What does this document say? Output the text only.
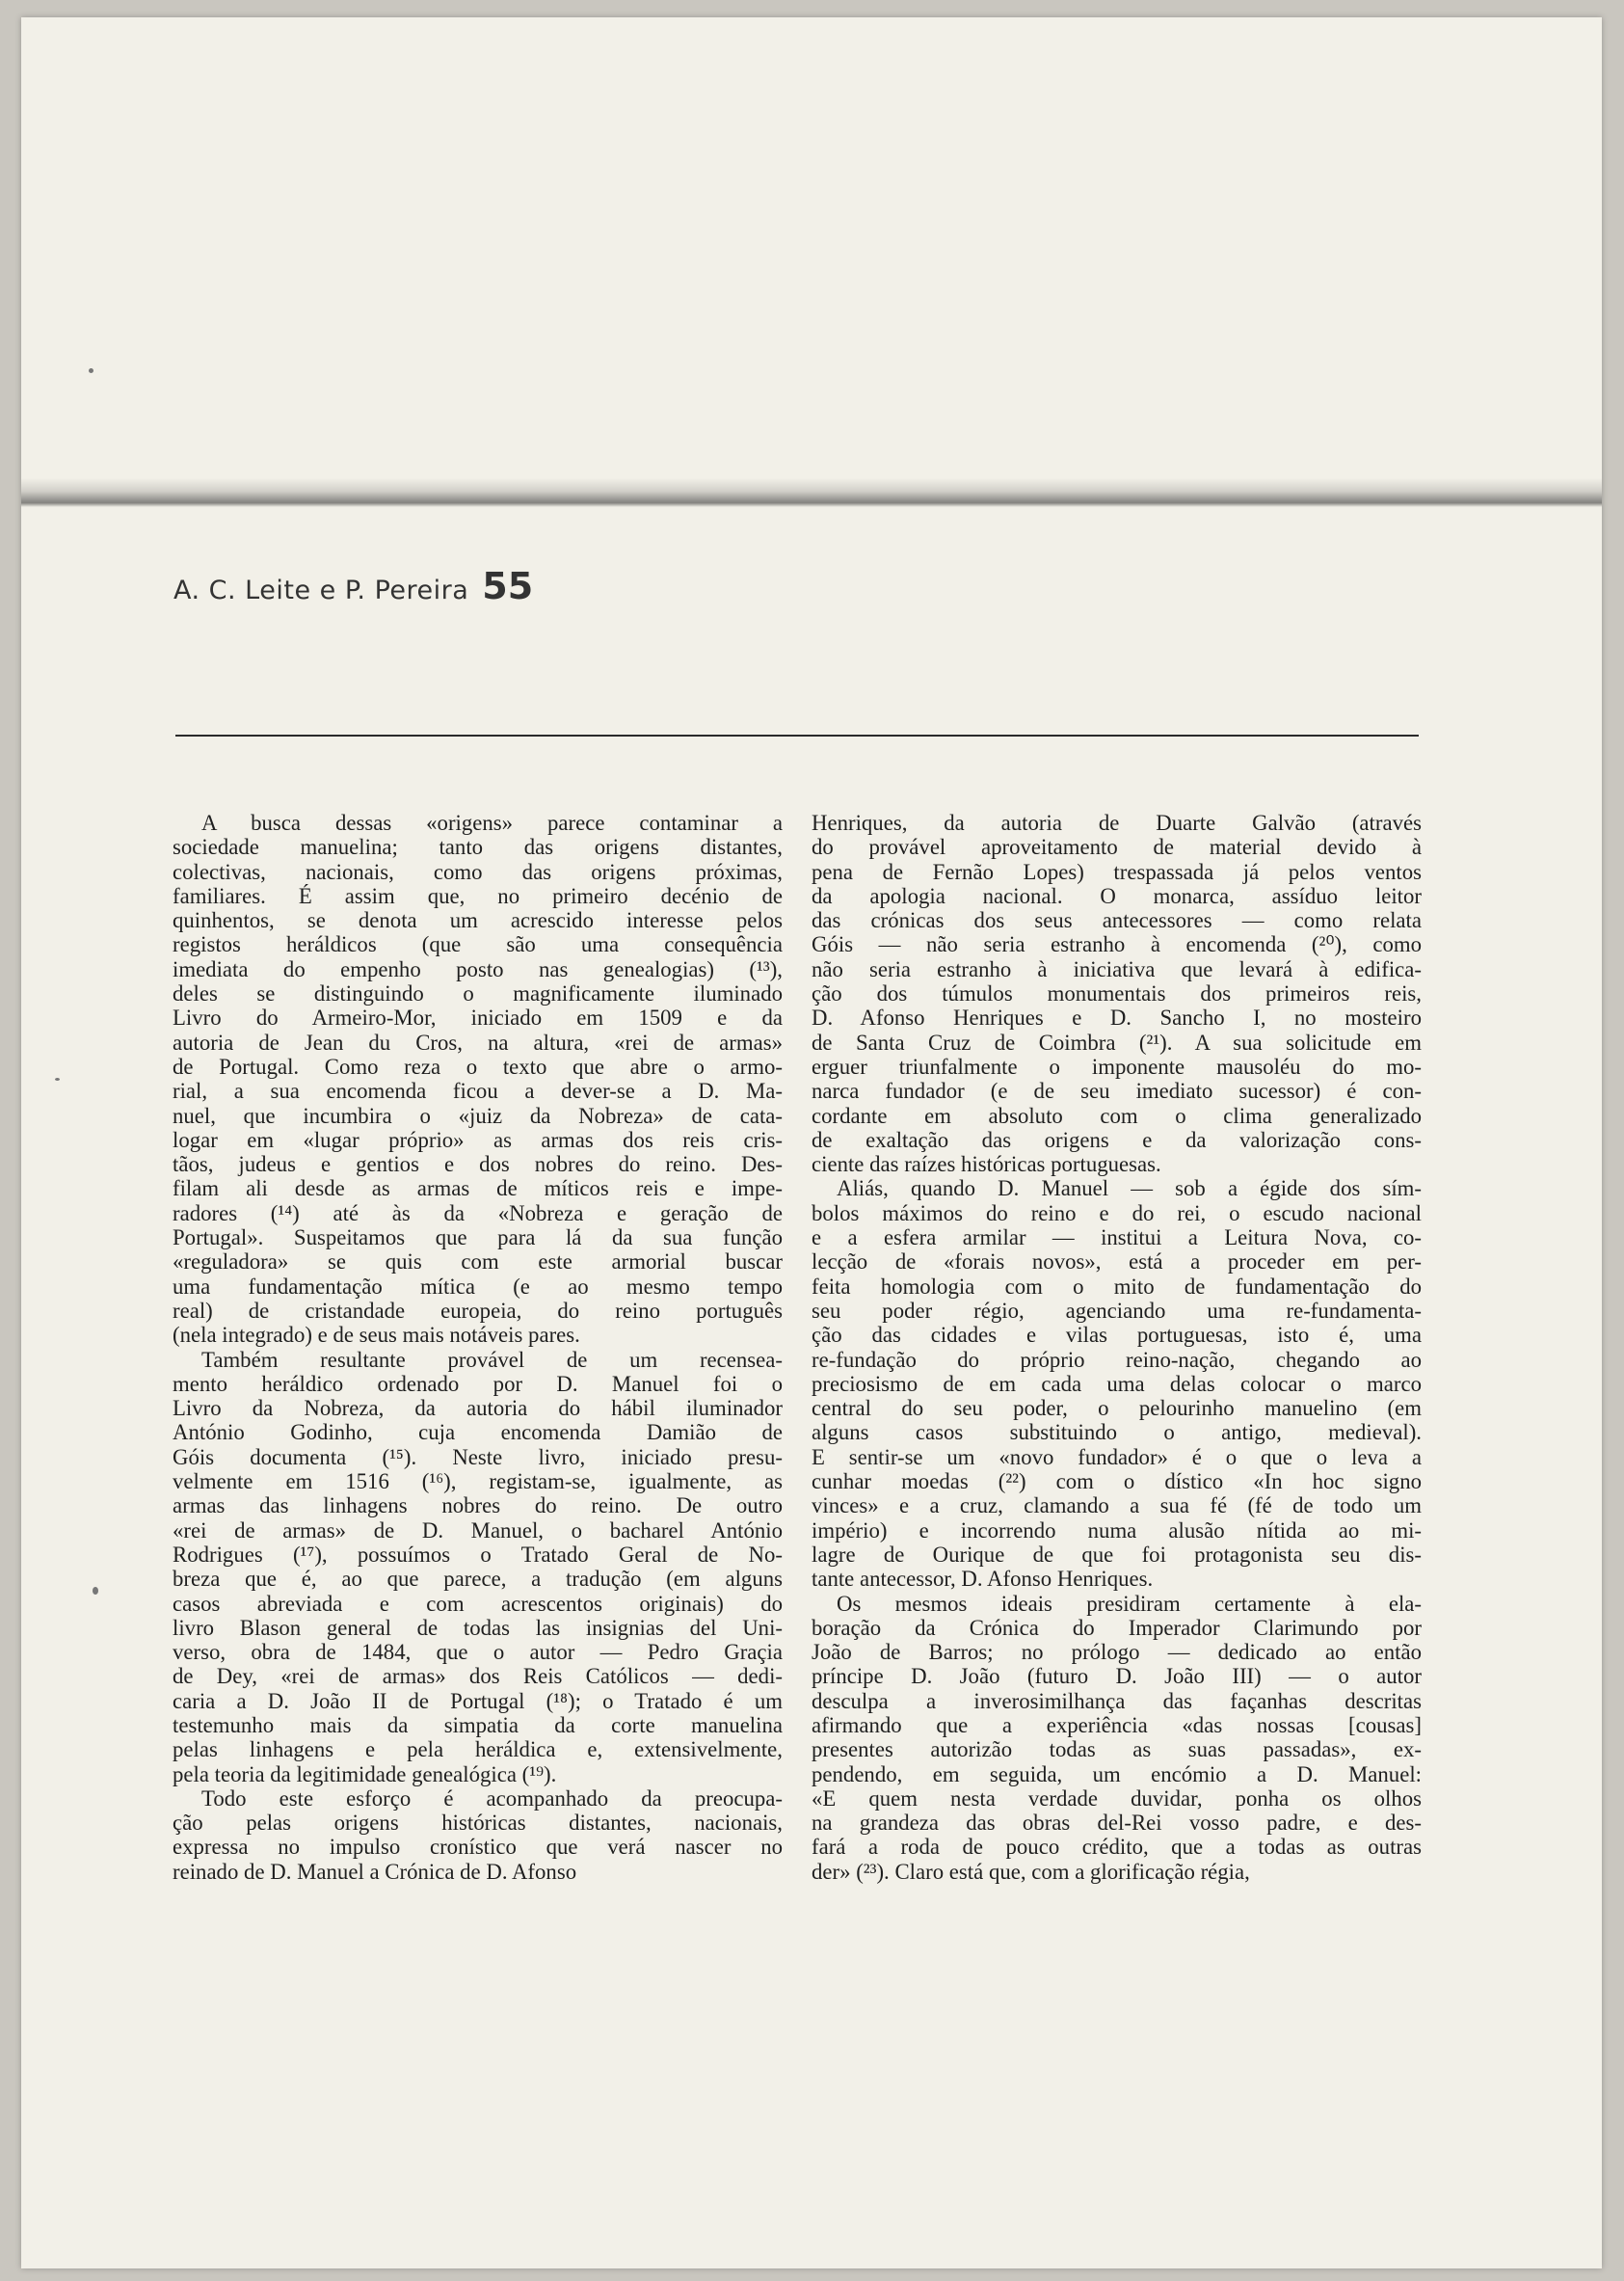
A. C. Leite e P. Pereira 55
A busca dessas «origens» parece contaminar a
sociedade manuelina; tanto das origens distantes,
colectivas, nacionais, como das origens próximas,
familiares. É assim que, no primeiro decénio de
quinhentos, se denota um acrescido interesse pelos
registos heráldicos (que são uma consequência
imediata do empenho posto nas genealogias) (¹³),
deles se distinguindo o magnificamente iluminado
Livro do Armeiro-Mor, iniciado em 1509 e da
autoria de Jean du Cros, na altura, «rei de armas»
de Portugal. Como reza o texto que abre o armo-
rial, a sua encomenda ficou a dever-se a D. Ma-
nuel, que incumbira o «juiz da Nobreza» de cata-
logar em «lugar próprio» as armas dos reis cris-
tãos, judeus e gentios e dos nobres do reino. Des-
filam ali desde as armas de míticos reis e impe-
radores (¹⁴) até às da «Nobreza e geração de
Portugal». Suspeitamos que para lá da sua função
«reguladora» se quis com este armorial buscar
uma fundamentação mítica (e ao mesmo tempo
real) de cristandade europeia, do reino português
(nela integrado) e de seus mais notáveis pares.
Também resultante provável de um recensea-
mento heráldico ordenado por D. Manuel foi o
Livro da Nobreza, da autoria do hábil iluminador
António Godinho, cuja encomenda Damião de
Góis documenta (¹⁵). Neste livro, iniciado presu-
velmente em 1516 (¹⁶), registam-se, igualmente, as
armas das linhagens nobres do reino. De outro
«rei de armas» de D. Manuel, o bacharel António
Rodrigues (¹⁷), possuímos o Tratado Geral de No-
breza que é, ao que parece, a tradução (em alguns
casos abreviada e com acrescentos originais) do
livro Blason general de todas las insignias del Uni-
verso, obra de 1484, que o autor — Pedro Graçia
de Dey, «rei de armas» dos Reis Católicos — dedi-
caria a D. João II de Portugal (¹⁸); o Tratado é um
testemunho mais da simpatia da corte manuelina
pelas linhagens e pela heráldica e, extensivelmente,
pela teoria da legitimidade genealógica (¹⁹).
Todo este esforço é acompanhado da preocupa-
ção pelas origens históricas distantes, nacionais,
expressa no impulso cronístico que verá nascer no
reinado de D. Manuel a Crónica de D. Afonso
Henriques, da autoria de Duarte Galvão (através
do provável aproveitamento de material devido à
pena de Fernão Lopes) trespassada já pelos ventos
da apologia nacional. O monarca, assíduo leitor
das crónicas dos seus antecessores — como relata
Góis — não seria estranho à encomenda (²⁰), como
não seria estranho à iniciativa que levará à edifica-
ção dos túmulos monumentais dos primeiros reis,
D. Afonso Henriques e D. Sancho I, no mosteiro
de Santa Cruz de Coimbra (²¹). A sua solicitude em
erguer triunfalmente o imponente mausoléu do mo-
narca fundador (e de seu imediato sucessor) é con-
cordante em absoluto com o clima generalizado
de exaltação das origens e da valorização cons-
ciente das raízes históricas portuguesas.
Aliás, quando D. Manuel — sob a égide dos sím-
bolos máximos do reino e do rei, o escudo nacional
e a esfera armilar — institui a Leitura Nova, co-
lecção de «forais novos», está a proceder em per-
feita homologia com o mito de fundamentação do
seu poder régio, agenciando uma re-fundamenta-
ção das cidades e vilas portuguesas, isto é, uma
re-fundação do próprio reino-nação, chegando ao
preciosismo de em cada uma delas colocar o marco
central do seu poder, o pelourinho manuelino (em
alguns casos substituindo o antigo, medieval).
E sentir-se um «novo fundador» é o que o leva a
cunhar moedas (²²) com o dístico «In hoc signo
vinces» e a cruz, clamando a sua fé (fé de todo um
império) e incorrendo numa alusão nítida ao mi-
lagre de Ourique de que foi protagonista seu dis-
tante antecessor, D. Afonso Henriques.
Os mesmos ideais presidiram certamente à ela-
boração da Crónica do Imperador Clarimundo por
João de Barros; no prólogo — dedicado ao então
príncipe D. João (futuro D. João III) — o autor
desculpa a inverosimilhança das façanhas descritas
afirmando que a experiência «das nossas [cousas]
presentes autorizão todas as suas passadas», ex-
pendendo, em seguida, um encómio a D. Manuel:
«E quem nesta verdade duvidar, ponha os olhos
na grandeza das obras del-Rei vosso padre, e des-
fará a roda de pouco crédito, que a todas as outras
der» (²³). Claro está que, com a glorificação régia,
